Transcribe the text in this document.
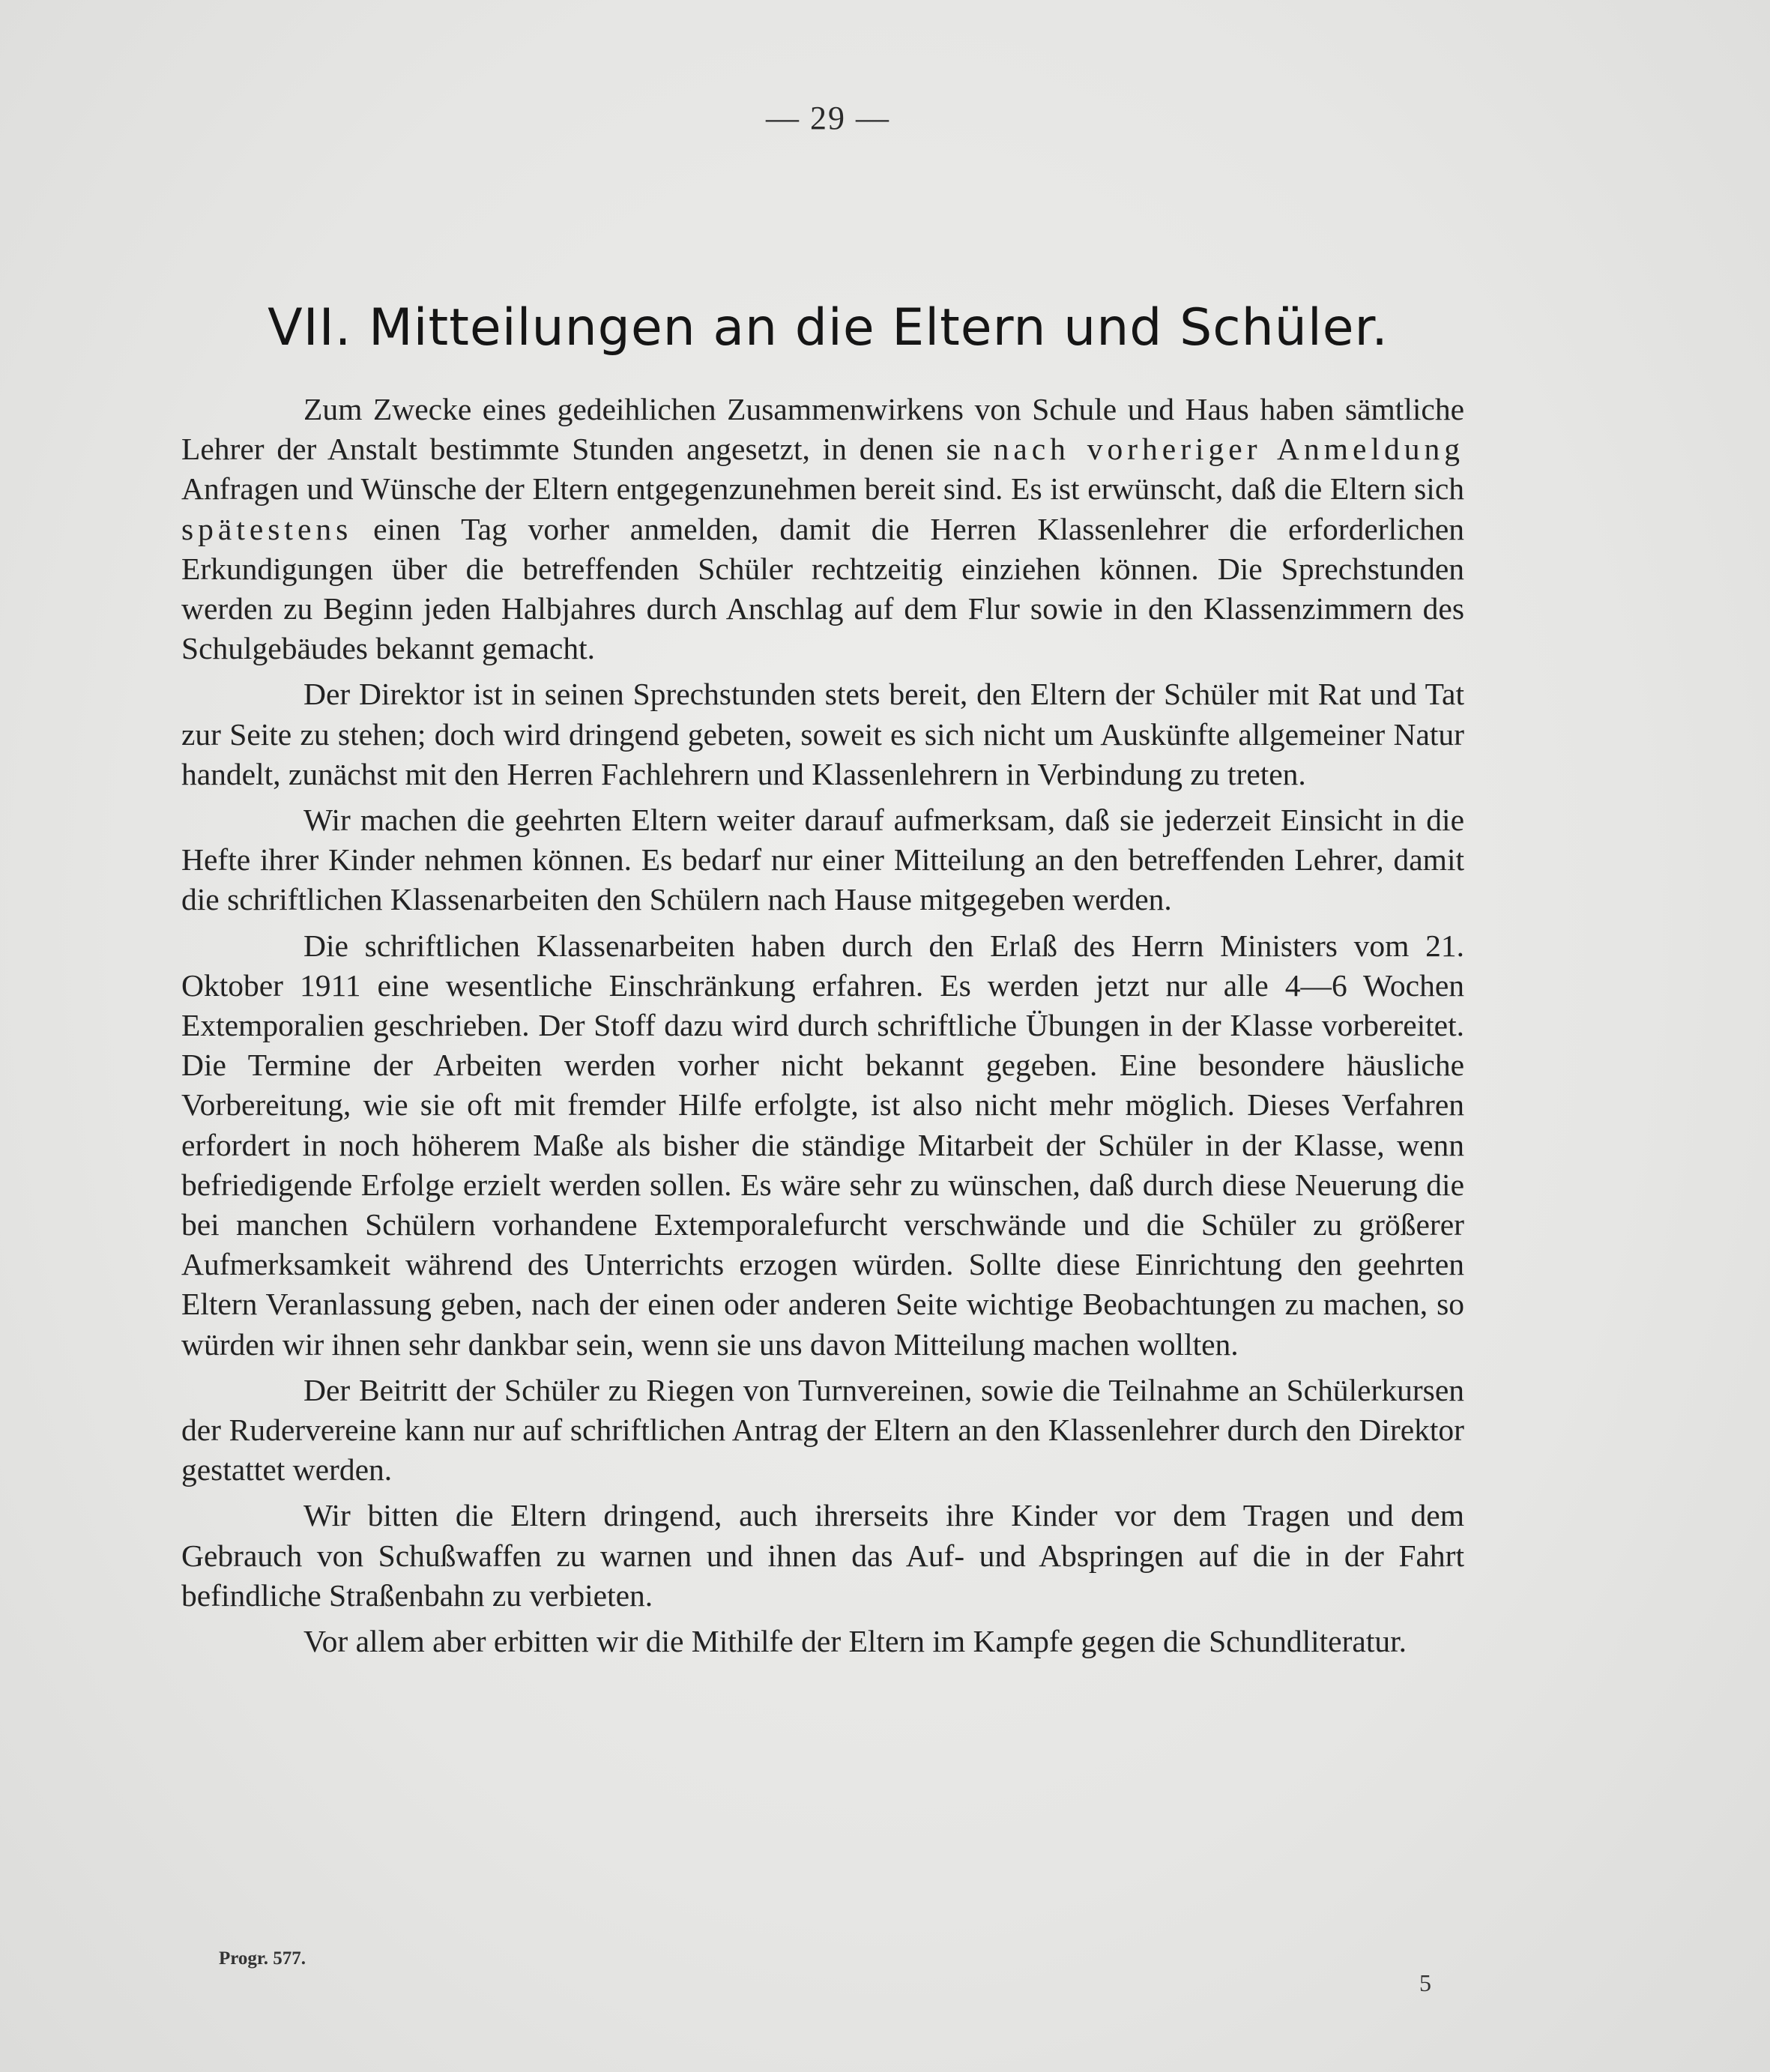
— 29 —
VII. Mitteilungen an die Eltern und Schüler.

Zum Zwecke eines gedeihlichen Zusammenwirkens von Schule und Haus haben sämtliche Lehrer der Anstalt bestimmte Stunden angesetzt, in denen sie nach vorheriger Anmeldung Anfragen und Wünsche der Eltern entgegenzunehmen bereit sind. Es ist erwünscht, daß die Eltern sich spätestens einen Tag vorher anmelden, damit die Herren Klassenlehrer die erforderlichen Erkundigungen über die betreffenden Schüler rechtzeitig einziehen können. Die Sprechstunden werden zu Beginn jeden Halbjahres durch Anschlag auf dem Flur sowie in den Klassenzimmern des Schulgebäudes bekannt gemacht.

Der Direktor ist in seinen Sprechstunden stets bereit, den Eltern der Schüler mit Rat und Tat zur Seite zu stehen; doch wird dringend gebeten, soweit es sich nicht um Auskünfte allgemeiner Natur handelt, zunächst mit den Herren Fachlehrern und Klassenlehrern in Verbindung zu treten.

Wir machen die geehrten Eltern weiter darauf aufmerksam, daß sie jederzeit Einsicht in die Hefte ihrer Kinder nehmen können. Es bedarf nur einer Mitteilung an den betreffenden Lehrer, damit die schriftlichen Klassenarbeiten den Schülern nach Hause mitgegeben werden.

Die schriftlichen Klassenarbeiten haben durch den Erlaß des Herrn Ministers vom 21. Oktober 1911 eine wesentliche Einschränkung erfahren. Es werden jetzt nur alle 4—6 Wochen Extemporalien geschrieben. Der Stoff dazu wird durch schriftliche Übungen in der Klasse vorbereitet. Die Termine der Arbeiten werden vorher nicht bekannt gegeben. Eine besondere häusliche Vorbereitung, wie sie oft mit fremder Hilfe erfolgte, ist also nicht mehr möglich. Dieses Verfahren erfordert in noch höherem Maße als bisher die ständige Mitarbeit der Schüler in der Klasse, wenn befriedigende Erfolge erzielt werden sollen. Es wäre sehr zu wünschen, daß durch diese Neuerung die bei manchen Schülern vorhandene Extemporalefurcht verschwände und die Schüler zu größerer Aufmerksamkeit während des Unterrichts erzogen würden. Sollte diese Einrichtung den geehrten Eltern Veranlassung geben, nach der einen oder anderen Seite wichtige Beobachtungen zu machen, so würden wir ihnen sehr dankbar sein, wenn sie uns davon Mitteilung machen wollten.

Der Beitritt der Schüler zu Riegen von Turnvereinen, sowie die Teilnahme an Schülerkursen der Rudervereine kann nur auf schriftlichen Antrag der Eltern an den Klassenlehrer durch den Direktor gestattet werden.

Wir bitten die Eltern dringend, auch ihrerseits ihre Kinder vor dem Tragen und dem Gebrauch von Schußwaffen zu warnen und ihnen das Auf- und Abspringen auf die in der Fahrt befindliche Straßenbahn zu verbieten.

Vor allem aber erbitten wir die Mithilfe der Eltern im Kampfe gegen die Schundliteratur.

Progr. 577.
5
